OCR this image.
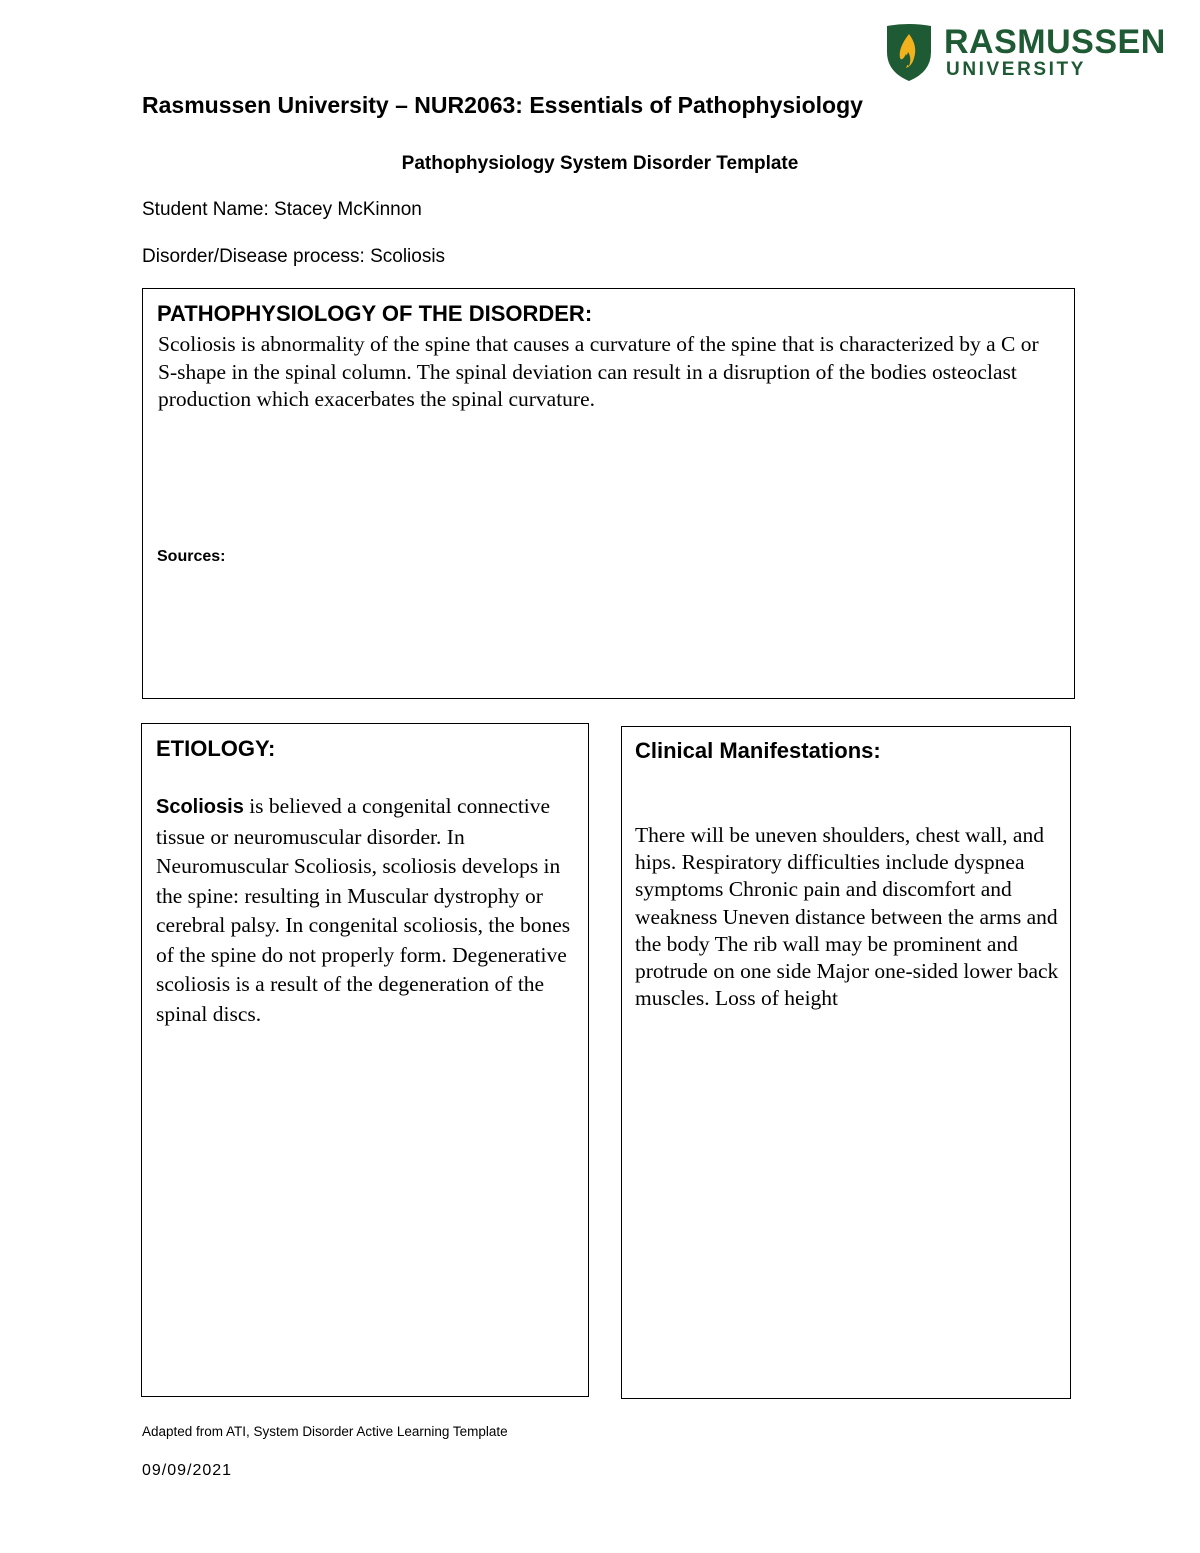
RASMUSSEN
UNIVERSITY
Rasmussen University – NUR2063: Essentials of Pathophysiology
Pathophysiology System Disorder Template
Student Name: Stacey McKinnon
Disorder/Disease process: Scoliosis
PATHOPHYSIOLOGY OF THE DISORDER:
Scoliosis is abnormality of the spine that causes a curvature of the spine that is characterized by a C or S-shape in the spinal column. The spinal deviation can result in a disruption of the bodies osteoclast production which exacerbates the spinal curvature.
Sources:
ETIOLOGY:
Scoliosis is believed a congenital connective tissue or neuromuscular disorder. In Neuromuscular Scoliosis, scoliosis develops in the spine: resulting in Muscular dystrophy or cerebral palsy. In congenital scoliosis, the bones of the spine do not properly form. Degenerative scoliosis is a result of the degeneration of the spinal discs.
Clinical Manifestations:
There will be uneven shoulders, chest wall, and hips. Respiratory difficulties include dyspnea symptoms Chronic pain and discomfort and weakness Uneven distance between the arms and the body The rib wall may be prominent and protrude on one side Major one-sided lower back muscles. Loss of height
Adapted from ATI, System Disorder Active Learning Template
09/09/2021
